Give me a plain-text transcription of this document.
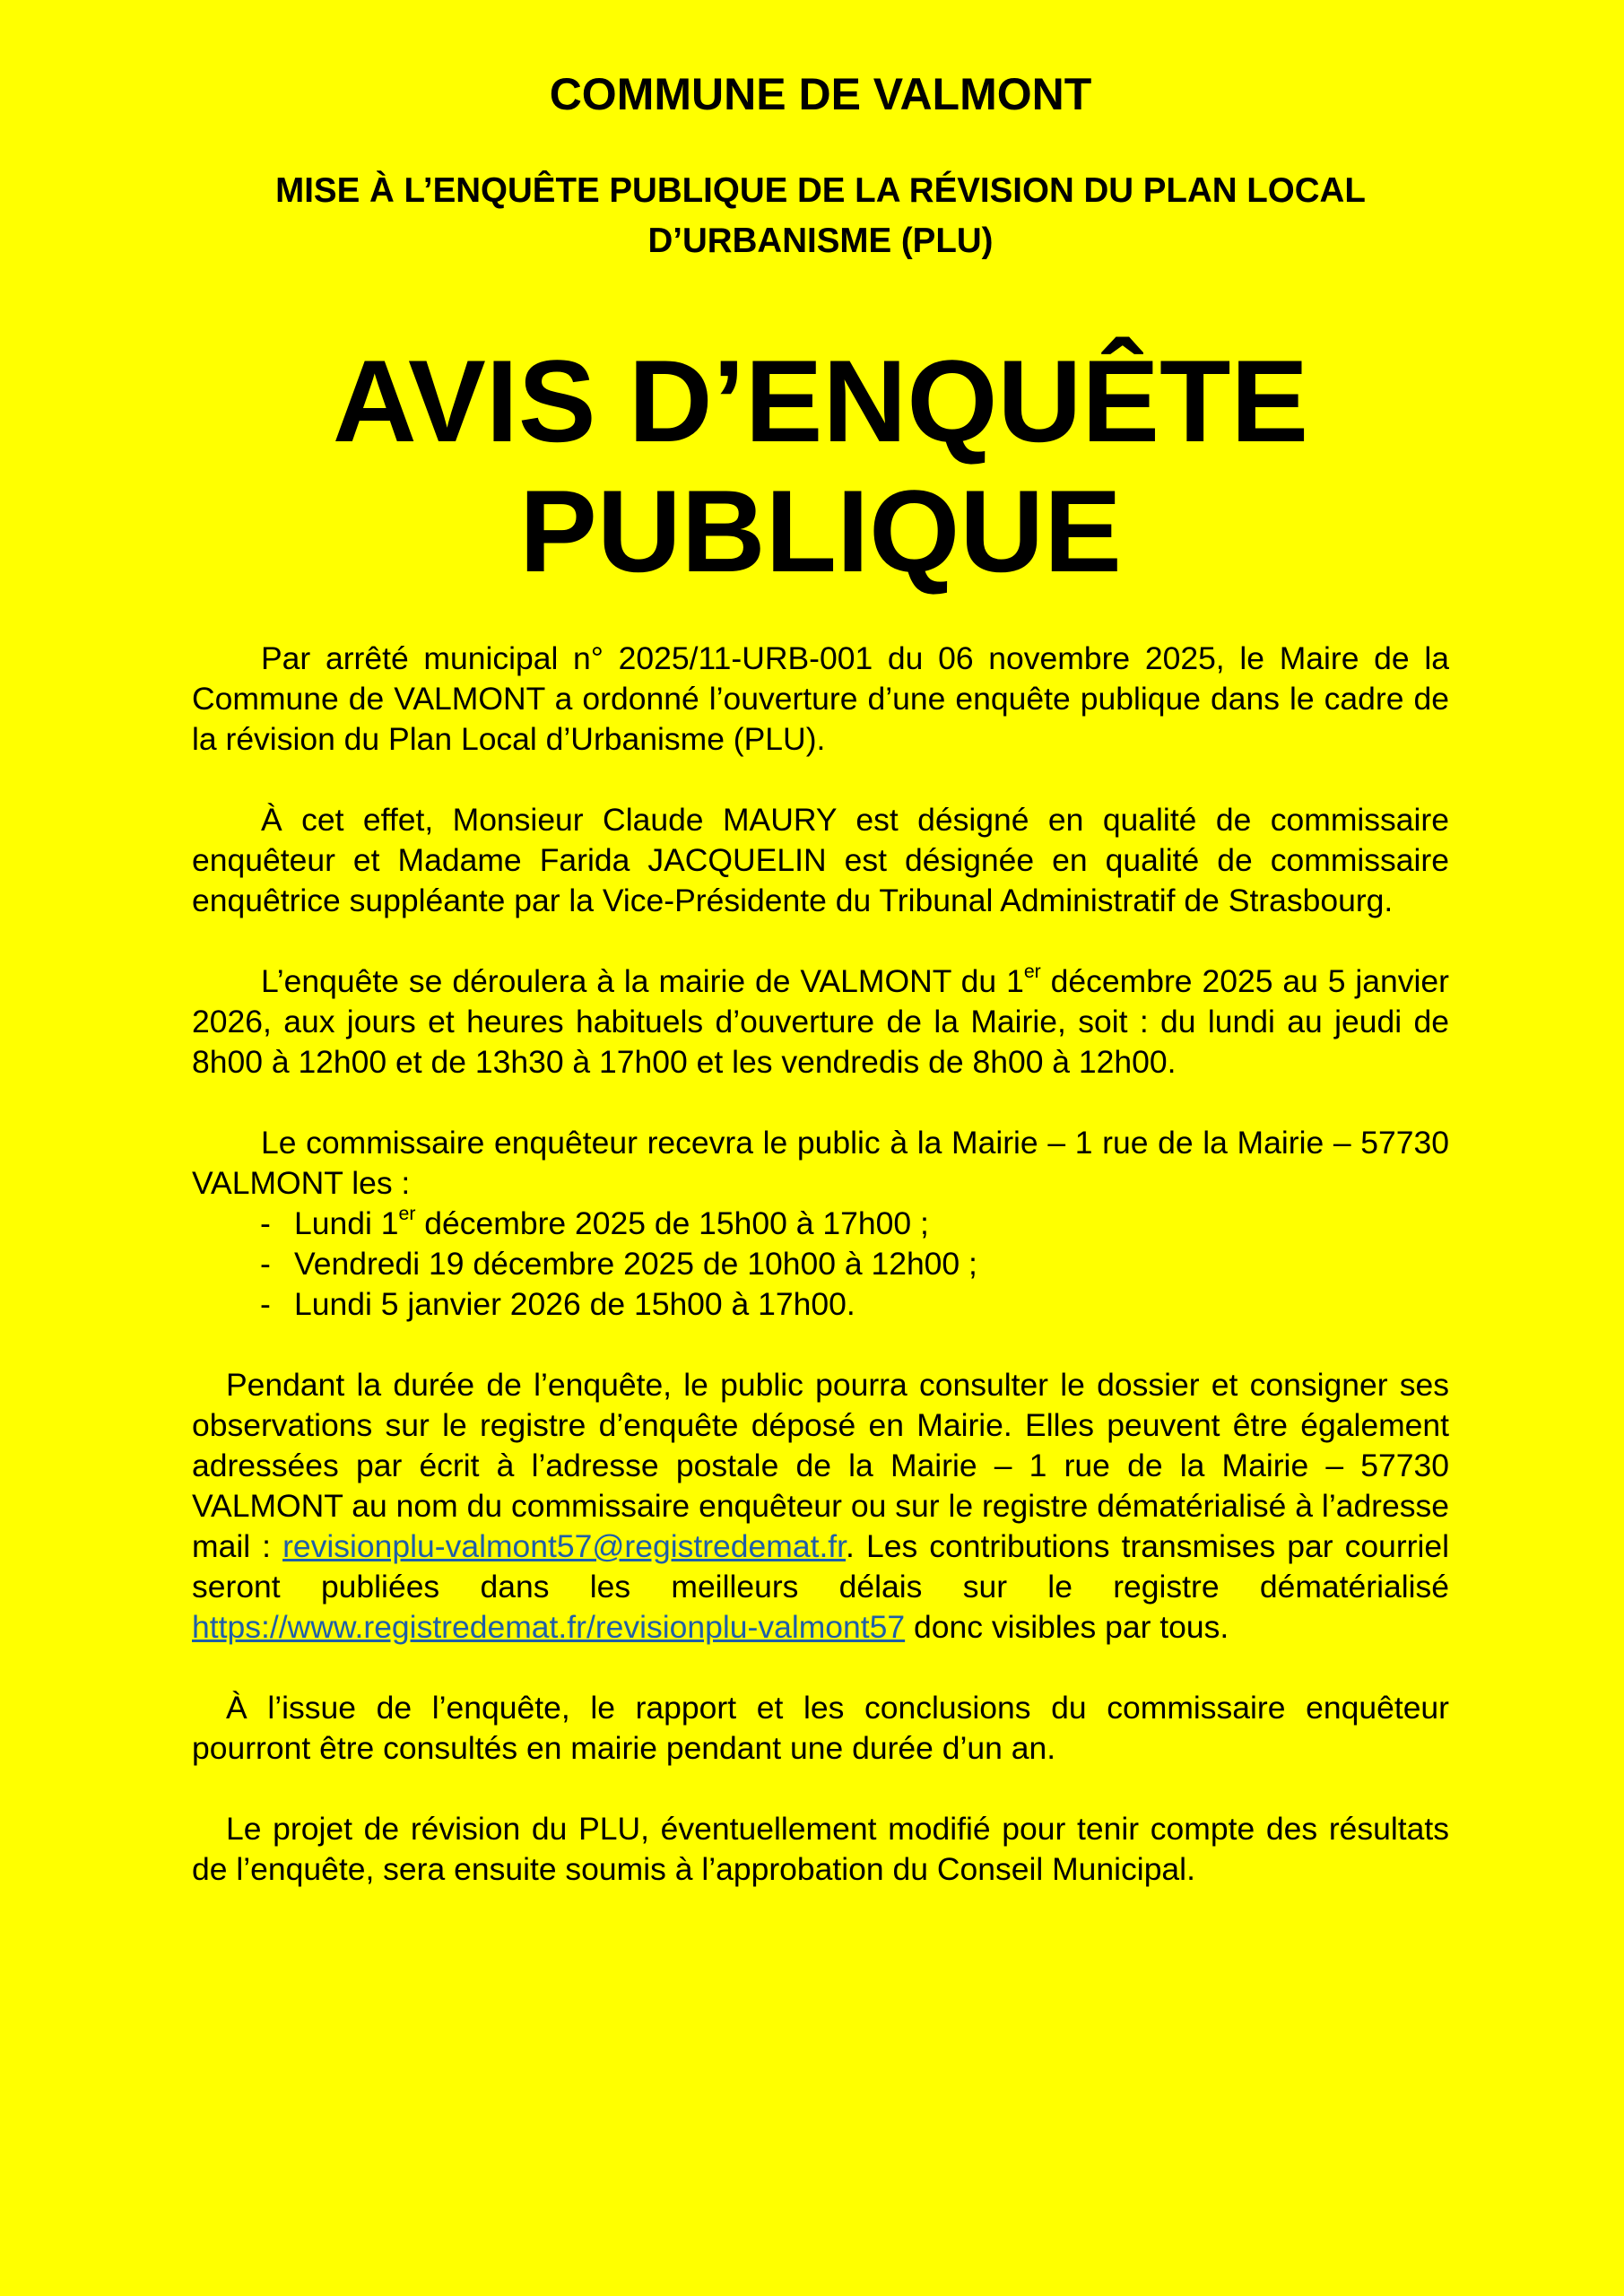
COMMUNE DE VALMONT
MISE À L’ENQUÊTE PUBLIQUE DE LA RÉVISION DU PLAN LOCAL
D’URBANISME (PLU)
AVIS D’ENQUÊTE
PUBLIQUE

Par arrêté municipal n° 2025/11-URB-001 du 06 novembre 2025, le Maire de la Commune de VALMONT a ordonné l’ouverture d’une enquête publique dans le cadre de la révision du Plan Local d’Urbanisme (PLU).

À cet effet, Monsieur Claude MAURY est désigné en qualité de commissaire enquêteur et Madame Farida JACQUELIN est désignée en qualité de commissaire enquêtrice suppléante par la Vice-Présidente du Tribunal Administratif de Strasbourg.

L’enquête se déroulera à la mairie de VALMONT du 1er décembre 2025 au 5 janvier 2026, aux jours et heures habituels d’ouverture de la Mairie, soit : du lundi au jeudi de 8h00 à 12h00 et de 13h30 à 17h00 et les vendredis de 8h00 à 12h00.

Le commissaire enquêteur recevra le public à la Mairie – 1 rue de la Mairie – 57730 VALMONT les :

- Lundi 1er décembre 2025 de 15h00 à 17h00 ;
- Vendredi 19 décembre 2025 de 10h00 à 12h00 ;
- Lundi 5 janvier 2026 de 15h00 à 17h00.

Pendant la durée de l’enquête, le public pourra consulter le dossier et consigner ses observations sur le registre d’enquête déposé en Mairie. Elles peuvent être également adressées par écrit à l’adresse postale de la Mairie – 1 rue de la Mairie – 57730 VALMONT au nom du commissaire enquêteur ou sur le registre dématérialisé à l’adresse mail : revisionplu-valmont57@registredemat.fr. Les contributions transmises par courriel seront publiées dans les meilleurs délais sur le registre dématérialisé https://www.registredemat.fr/revisionplu-valmont57 donc visibles par tous.

À l’issue de l’enquête, le rapport et les conclusions du commissaire enquêteur pourront être consultés en mairie pendant une durée d’un an.

Le projet de révision du PLU, éventuellement modifié pour tenir compte des résultats de l’enquête, sera ensuite soumis à l’approbation du Conseil Municipal.
